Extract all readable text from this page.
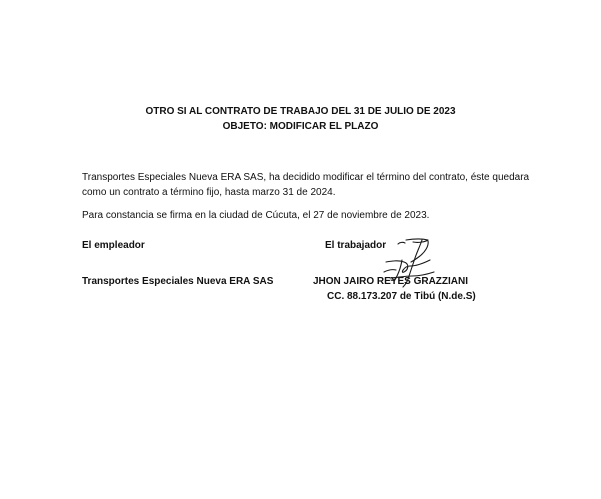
OTRO SI AL CONTRATO DE TRABAJO DEL 31 DE JULIO DE 2023
OBJETO: MODIFICAR EL PLAZO
Transportes Especiales Nueva ERA SAS, ha decidido modificar el término del contrato, éste quedara
como un contrato a término fijo, hasta marzo 31 de 2024.
Para constancia se firma en la ciudad de Cúcuta, el 27 de noviembre de 2023.
El empleador	El trabajador
Transportes Especiales Nueva ERA SAS	JHON JAIRO REYES GRAZZIANI
CC. 88.173.207 de Tibú (N.de.S)
